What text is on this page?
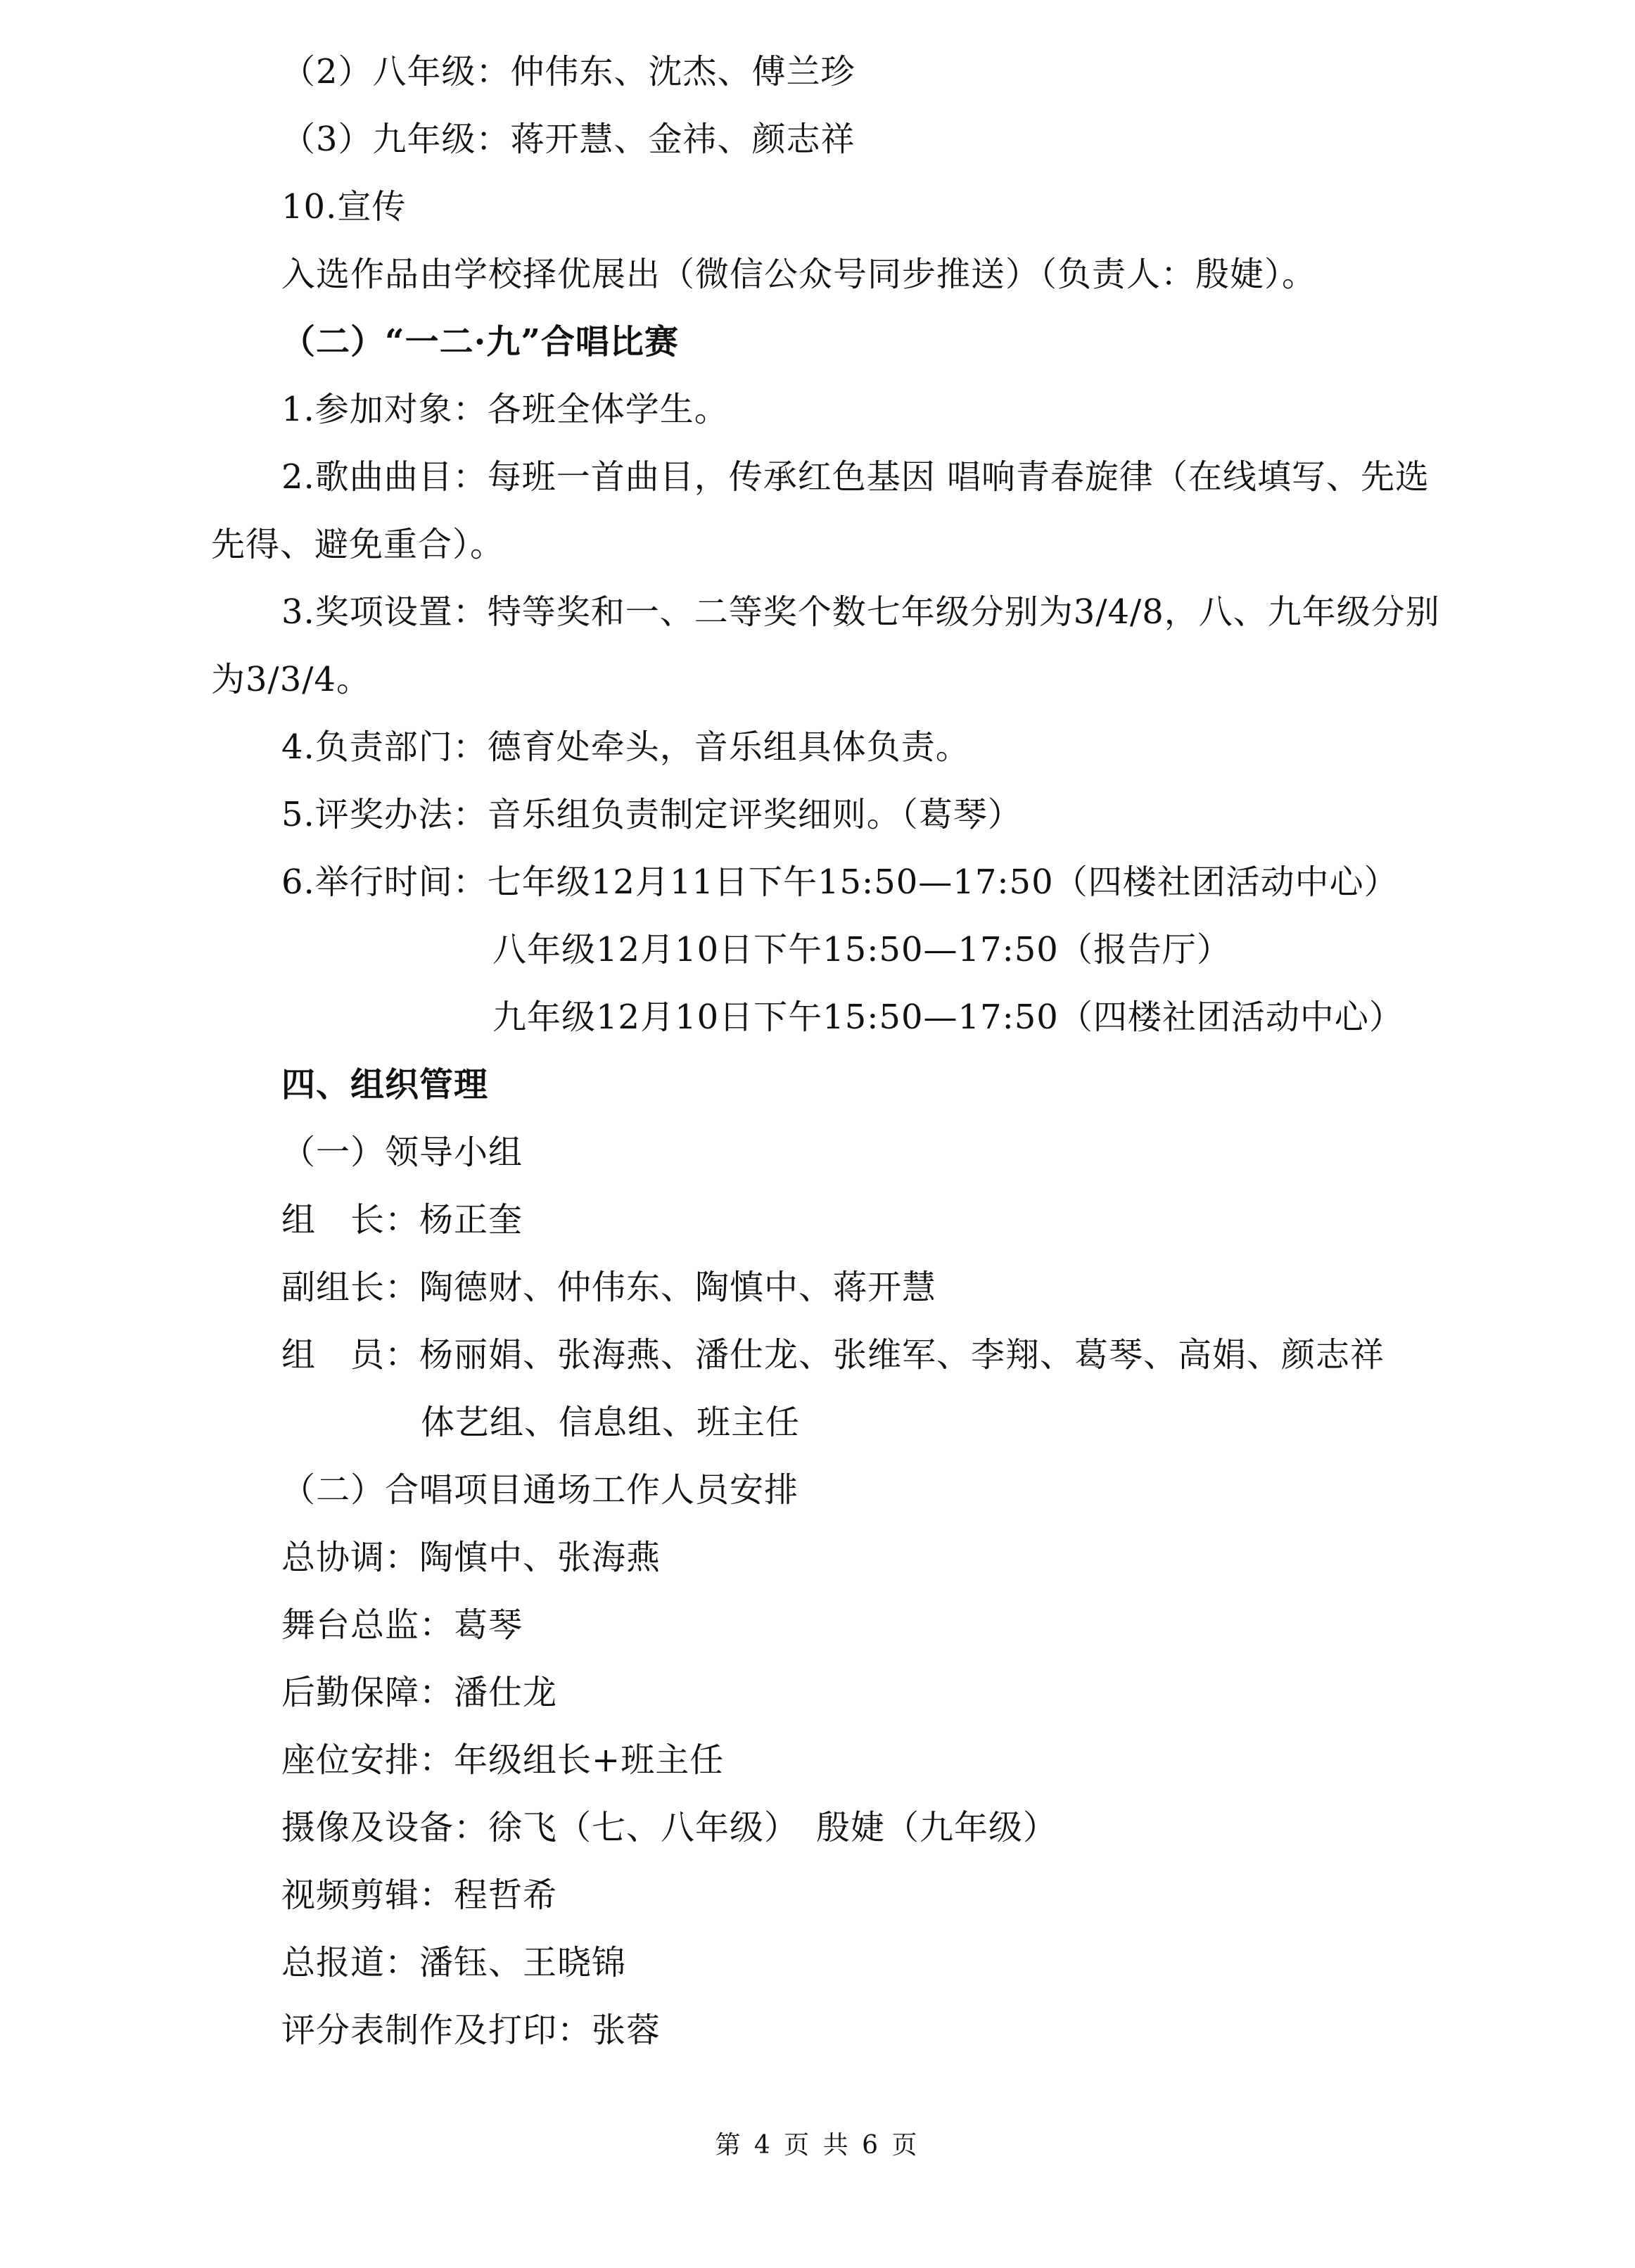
（2）八年级：仲伟东、沈杰、傅兰珍
（3）九年级：蒋开慧、金祎、颜志祥
10.宣传
入选作品由学校择优展出（微信公众号同步推送）（负责人：殷婕）。
（二）“一二·九”合唱比赛
1.参加对象：各班全体学生。
2.歌曲曲目：每班一首曲目，传承红色基因 唱响青春旋律（在线填写、先选
先得、避免重合）。
3.奖项设置：特等奖和一、二等奖个数七年级分别为3/4/8，八、九年级分别
为3/3/4。
4.负责部门：德育处牵头，音乐组具体负责。
5.评奖办法：音乐组负责制定评奖细则。（葛琴）
6.举行时间：七年级12月11日下午15:50—17:50（四楼社团活动中心）
八年级12月10日下午15:50—17:50（报告厅）
九年级12月10日下午15:50—17:50（四楼社团活动中心）
四、组织管理
（一）领导小组
组　长：杨正奎
副组长：陶德财、仲伟东、陶慎中、蒋开慧
组　员：杨丽娟、张海燕、潘仕龙、张维军、李翔、葛琴、高娟、颜志祥
体艺组、信息组、班主任
（二）合唱项目通场工作人员安排
总协调：陶慎中、张海燕
舞台总监：葛琴
后勤保障：潘仕龙
座位安排：年级组长+班主任
摄像及设备：徐飞（七、八年级）　殷婕（九年级）
视频剪辑：程哲希
总报道：潘钰、王晓锦
评分表制作及打印：张蓉
第 4 页 共 6 页
